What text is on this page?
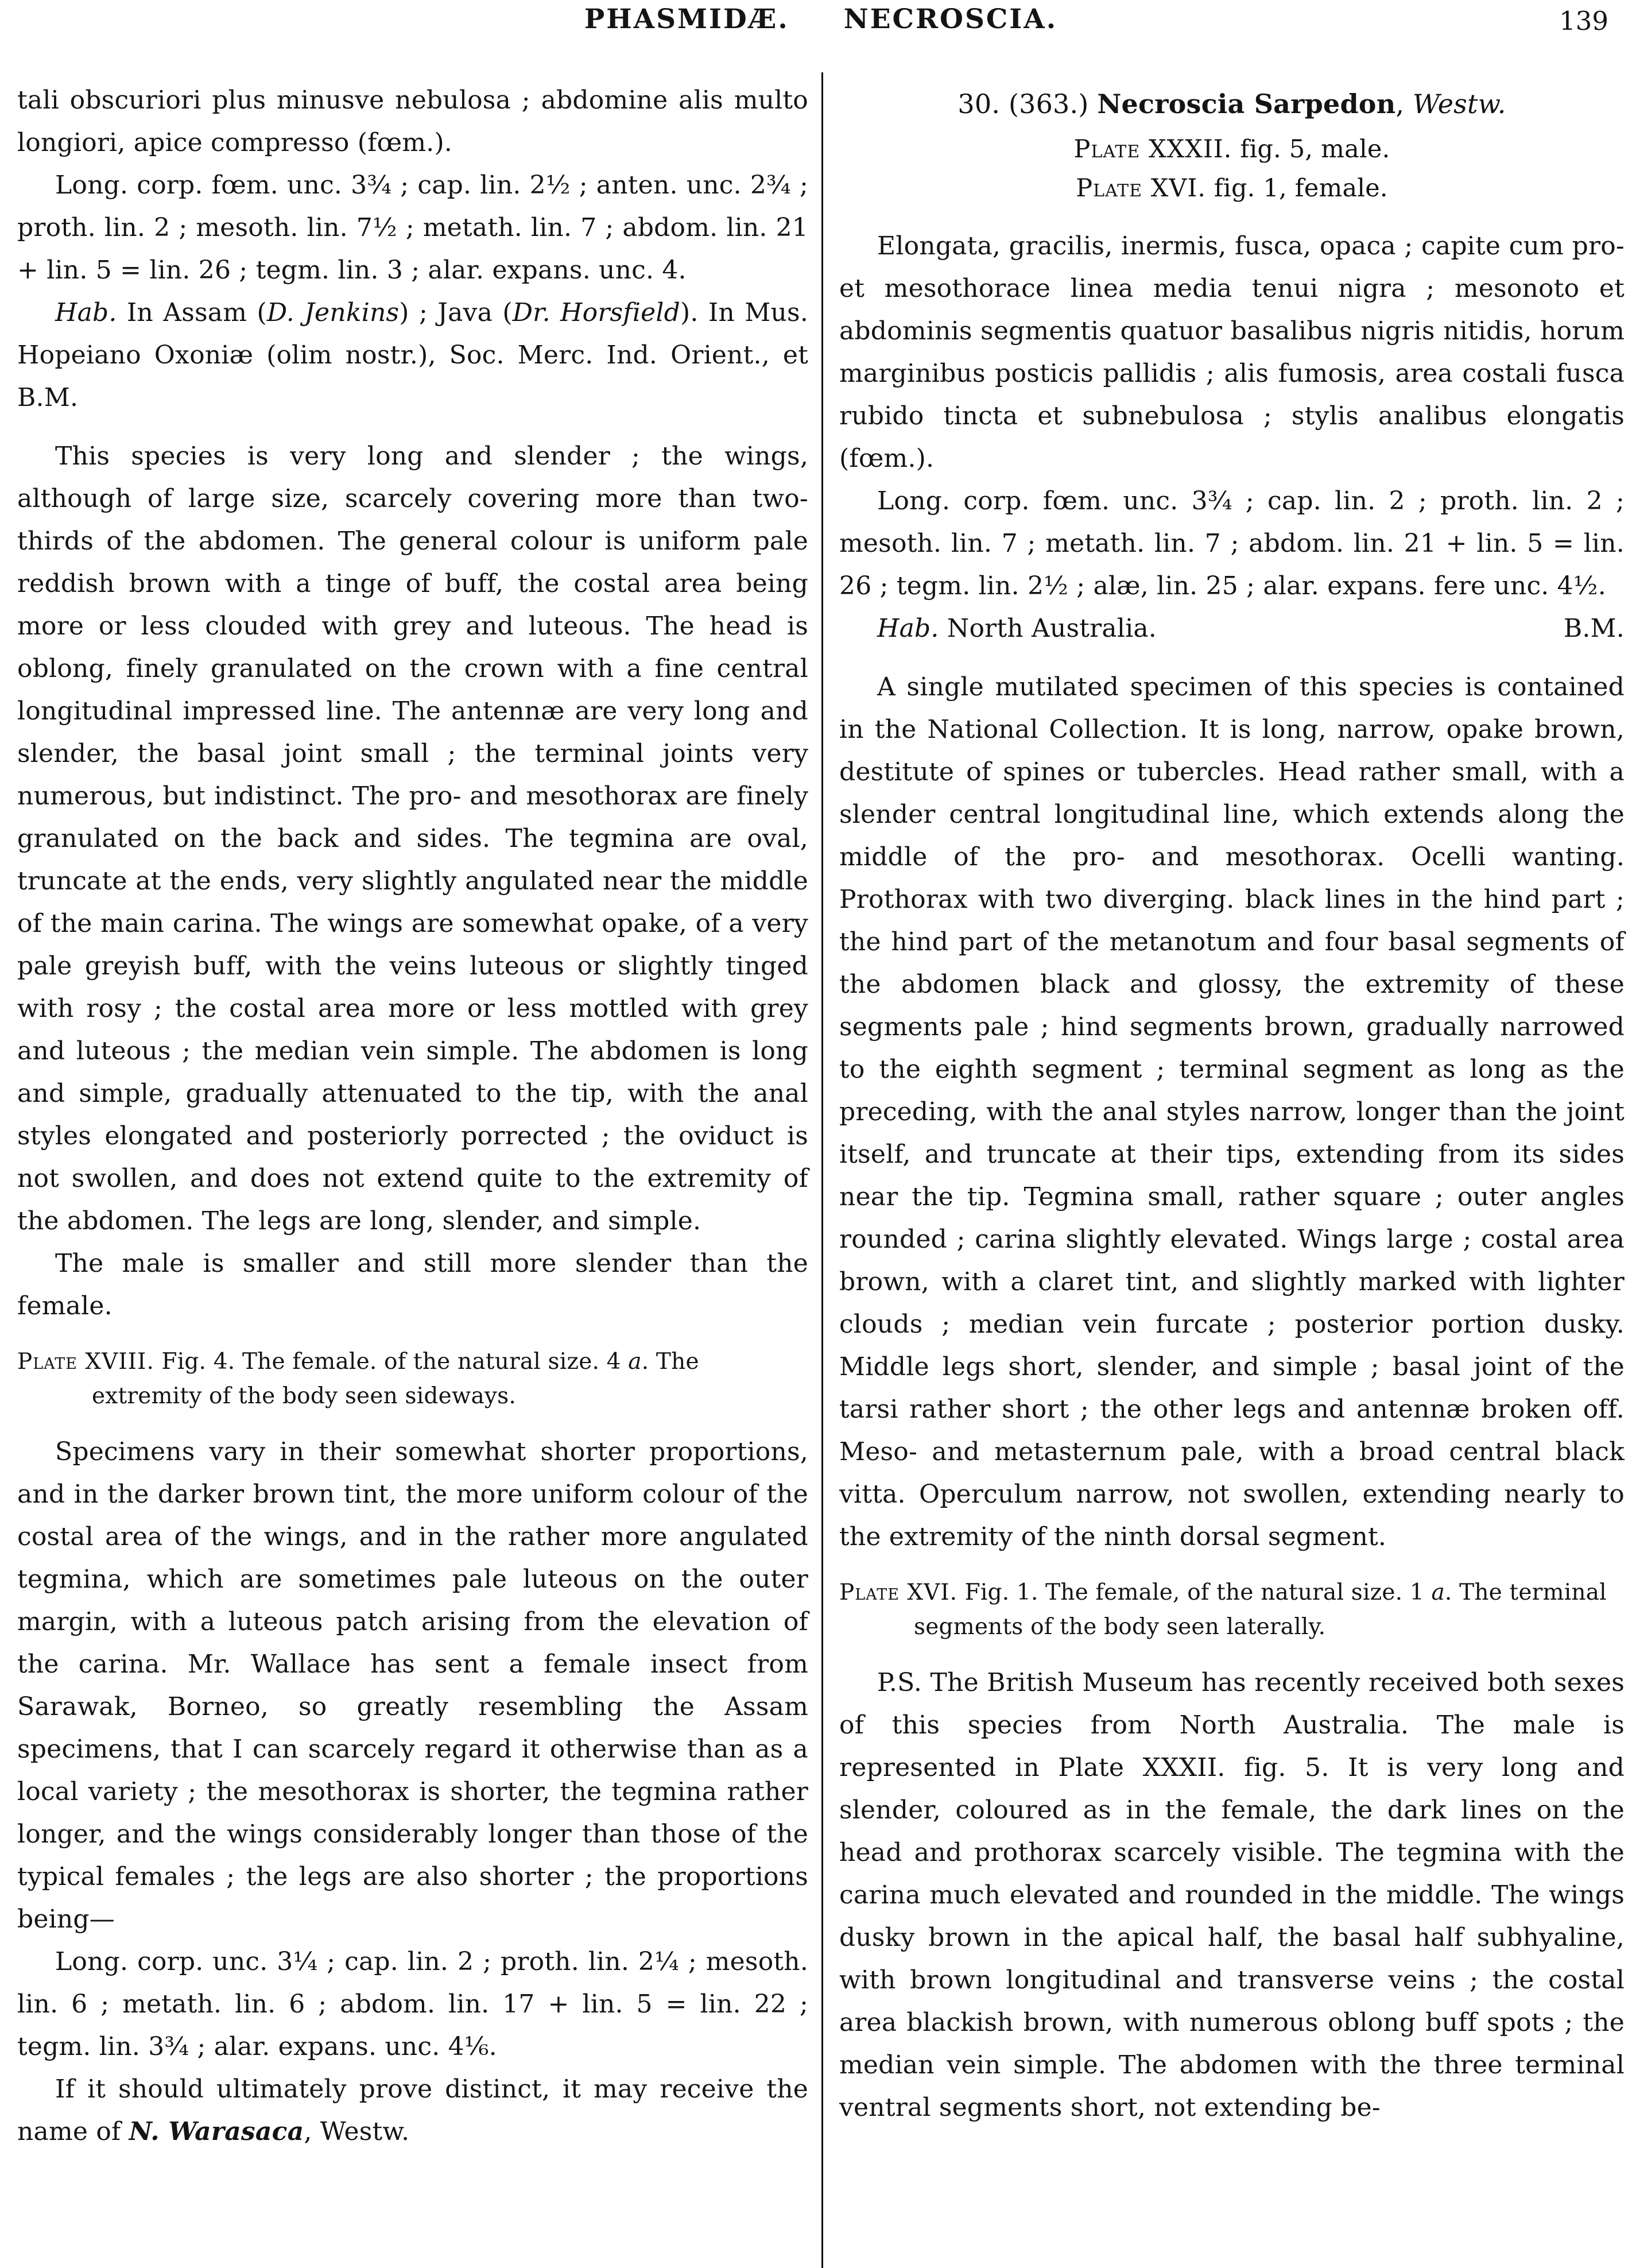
PHASMIDÆ. NECROSCIA.	139

tali obscuriori plus minusve nebulosa ; abdomine alis multo longiori, apice compresso (fœm.).

Long. corp. fœm. unc. 3¾ ; cap. lin. 2½ ; anten. unc. 2¾ ; proth. lin. 2 ; mesoth. lin. 7½ ; metath. lin. 7 ; abdom. lin. 21 + lin. 5 = lin. 26 ; tegm. lin. 3 ; alar. expans. unc. 4.

Hab. In Assam (D. Jenkins) ; Java (Dr. Horsfield). In Mus. Hopeiano Oxoniæ (olim nostr.), Soc. Merc. Ind. Orient., et B.M.

This species is very long and slender ; the wings, although of large size, scarcely covering more than two-thirds of the abdomen. The general colour is uniform pale reddish brown with a tinge of buff, the costal area being more or less clouded with grey and luteous. The head is oblong, finely granulated on the crown with a fine central longitudinal impressed line. The antennæ are very long and slender, the basal joint small ; the terminal joints very numerous, but indistinct. The pro- and mesothorax are finely granulated on the back and sides. The tegmina are oval, truncate at the ends, very slightly angulated near the middle of the main carina. The wings are somewhat opake, of a very pale greyish buff, with the veins luteous or slightly tinged with rosy ; the costal area more or less mottled with grey and luteous ; the median vein simple. The abdomen is long and simple, gradually attenuated to the tip, with the anal styles elongated and posteriorly porrected ; the oviduct is not swollen, and does not extend quite to the extremity of the abdomen. The legs are long, slender, and simple.

The male is smaller and still more slender than the female.

Plate XVIII. Fig. 4. The female. of the natural size. 4 a. The extremity of the body seen sideways.

Specimens vary in their somewhat shorter proportions, and in the darker brown tint, the more uniform colour of the costal area of the wings, and in the rather more angulated tegmina, which are sometimes pale luteous on the outer margin, with a luteous patch arising from the elevation of the carina. Mr. Wallace has sent a female insect from Sarawak, Borneo, so greatly resembling the Assam specimens, that I can scarcely regard it otherwise than as a local variety ; the mesothorax is shorter, the tegmina rather longer, and the wings considerably longer than those of the typical females ; the legs are also shorter ; the proportions being—

Long. corp. unc. 3¼ ; cap. lin. 2 ; proth. lin. 2¼ ; mesoth. lin. 6 ; metath. lin. 6 ; abdom. lin. 17 + lin. 5 = lin. 22 ; tegm. lin. 3¾ ; alar. expans. unc. 4⅙.

If it should ultimately prove distinct, it may receive the name of N. Warasaca, Westw.

30. (363.) Necroscia Sarpedon, Westw.

Plate XXXII. fig. 5, male.

Plate XVI. fig. 1, female.

Elongata, gracilis, inermis, fusca, opaca ; capite cum pro- et mesothorace linea media tenui nigra ; mesonoto et abdominis segmentis quatuor basalibus nigris nitidis, horum marginibus posticis pallidis ; alis fumosis, area costali fusca rubido tincta et subnebulosa ; stylis analibus elongatis (fœm.).

Long. corp. fœm. unc. 3¾ ; cap. lin. 2 ; proth. lin. 2 ; mesoth. lin. 7 ; metath. lin. 7 ; abdom. lin. 21 + lin. 5 = lin. 26 ; tegm. lin. 2½ ; alæ, lin. 25 ; alar. expans. fere unc. 4½.

B.M.
Hab. North Australia.

A single mutilated specimen of this species is contained in the National Collection. It is long, narrow, opake brown, destitute of spines or tubercles. Head rather small, with a slender central longitudinal line, which extends along the middle of the pro- and mesothorax. Ocelli wanting. Prothorax with two diverging. black lines in the hind part ; the hind part of the metanotum and four basal segments of the abdomen black and glossy, the extremity of these segments pale ; hind segments brown, gradually narrowed to the eighth segment ; terminal segment as long as the preceding, with the anal styles narrow, longer than the joint itself, and truncate at their tips, extending from its sides near the tip. Tegmina small, rather square ; outer angles rounded ; carina slightly elevated. Wings large ; costal area brown, with a claret tint, and slightly marked with lighter clouds ; median vein furcate ; posterior portion dusky. Middle legs short, slender, and simple ; basal joint of the tarsi rather short ; the other legs and antennæ broken off. Meso- and metasternum pale, with a broad central black vitta. Operculum narrow, not swollen, extending nearly to the extremity of the ninth dorsal segment.

Plate XVI. Fig. 1. The female, of the natural size. 1 a. The terminal segments of the body seen laterally.

P.S. The British Museum has recently received both sexes of this species from North Australia. The male is represented in Plate XXXII. fig. 5. It is very long and slender, coloured as in the female, the dark lines on the head and prothorax scarcely visible. The tegmina with the carina much elevated and rounded in the middle. The wings dusky brown in the apical half, the basal half subhyaline, with brown longitudinal and transverse veins ; the costal area blackish brown, with numerous oblong buff spots ; the median vein simple. The abdomen with the three terminal ventral segments short, not extending be-
